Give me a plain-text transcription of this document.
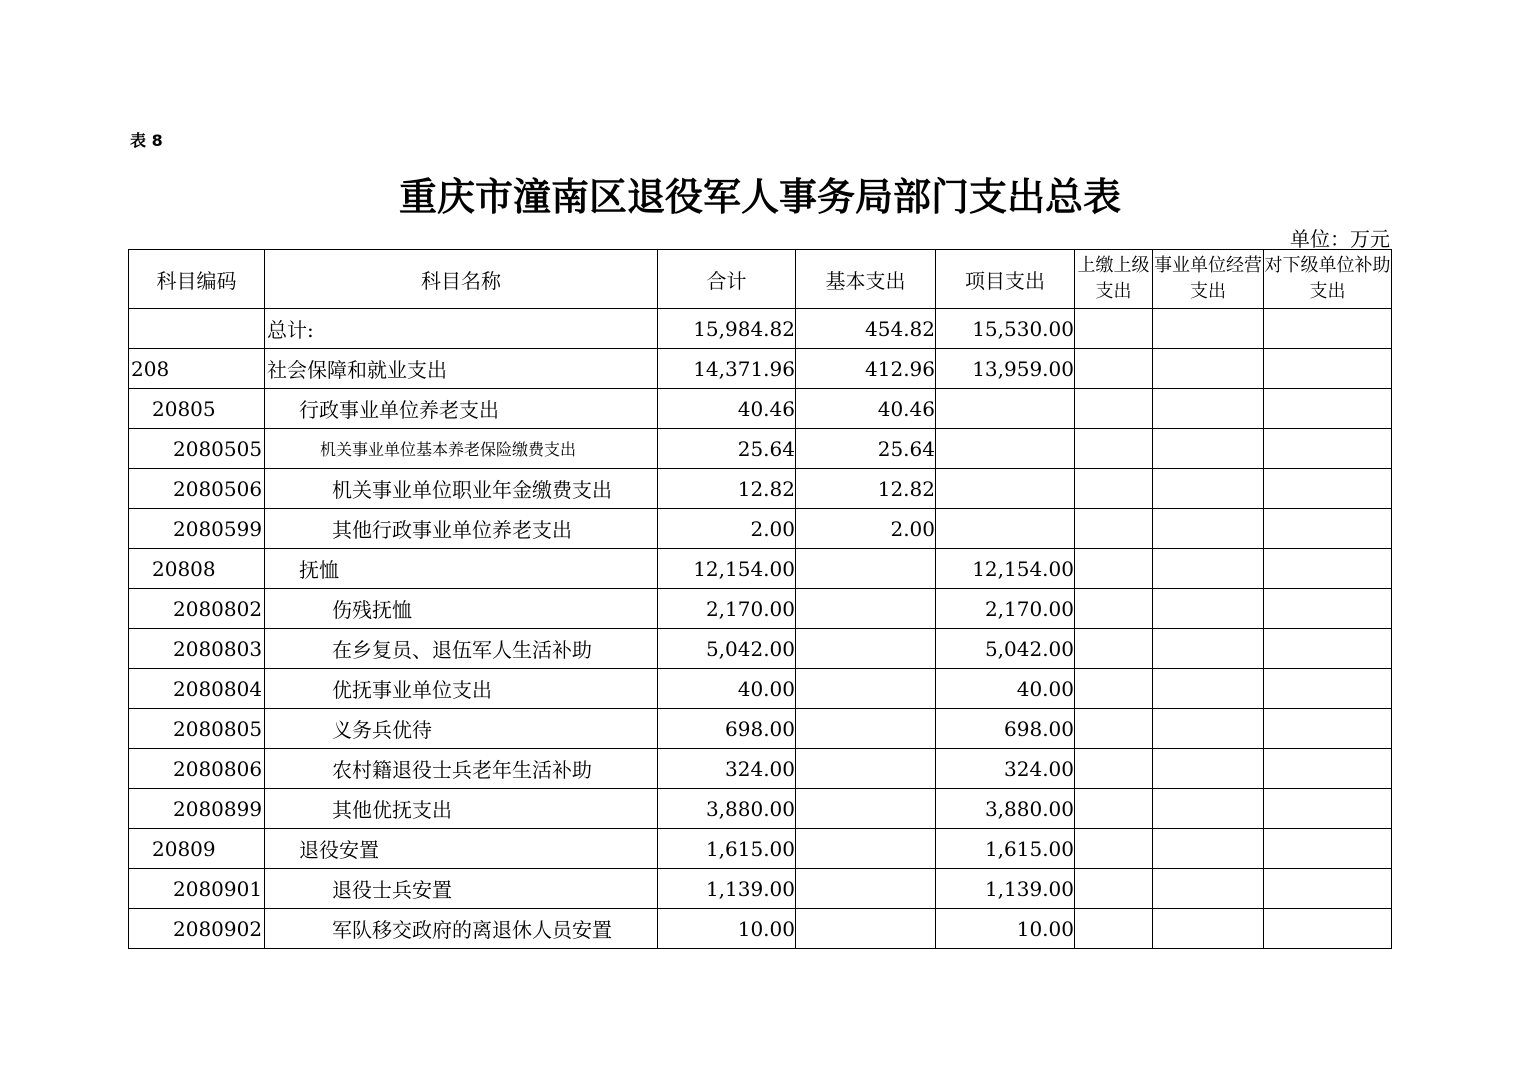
表 8
重庆市潼南区退役军人事务局部门支出总表
单位：万元
科目编码	科目名称	合计	基本支出	项目支出	上缴上级支出	事业单位经营支出	对下级单位补助支出
	总计:	15,984.82	454.82	15,530.00			
208	社会保障和就业支出	14,371.96	412.96	13,959.00			
20805	行政事业单位养老支出	40.46	40.46				
2080505	机关事业单位基本养老保险缴费支出	25.64	25.64				
2080506	机关事业单位职业年金缴费支出	12.82	12.82				
2080599	其他行政事业单位养老支出	2.00	2.00				
20808	抚恤	12,154.00		12,154.00			
2080802	伤残抚恤	2,170.00		2,170.00			
2080803	在乡复员、退伍军人生活补助	5,042.00		5,042.00			
2080804	优抚事业单位支出	40.00		40.00			
2080805	义务兵优待	698.00		698.00			
2080806	农村籍退役士兵老年生活补助	324.00		324.00			
2080899	其他优抚支出	3,880.00		3,880.00			
20809	退役安置	1,615.00		1,615.00			
2080901	退役士兵安置	1,139.00		1,139.00			
2080902	军队移交政府的离退休人员安置	10.00		10.00			
